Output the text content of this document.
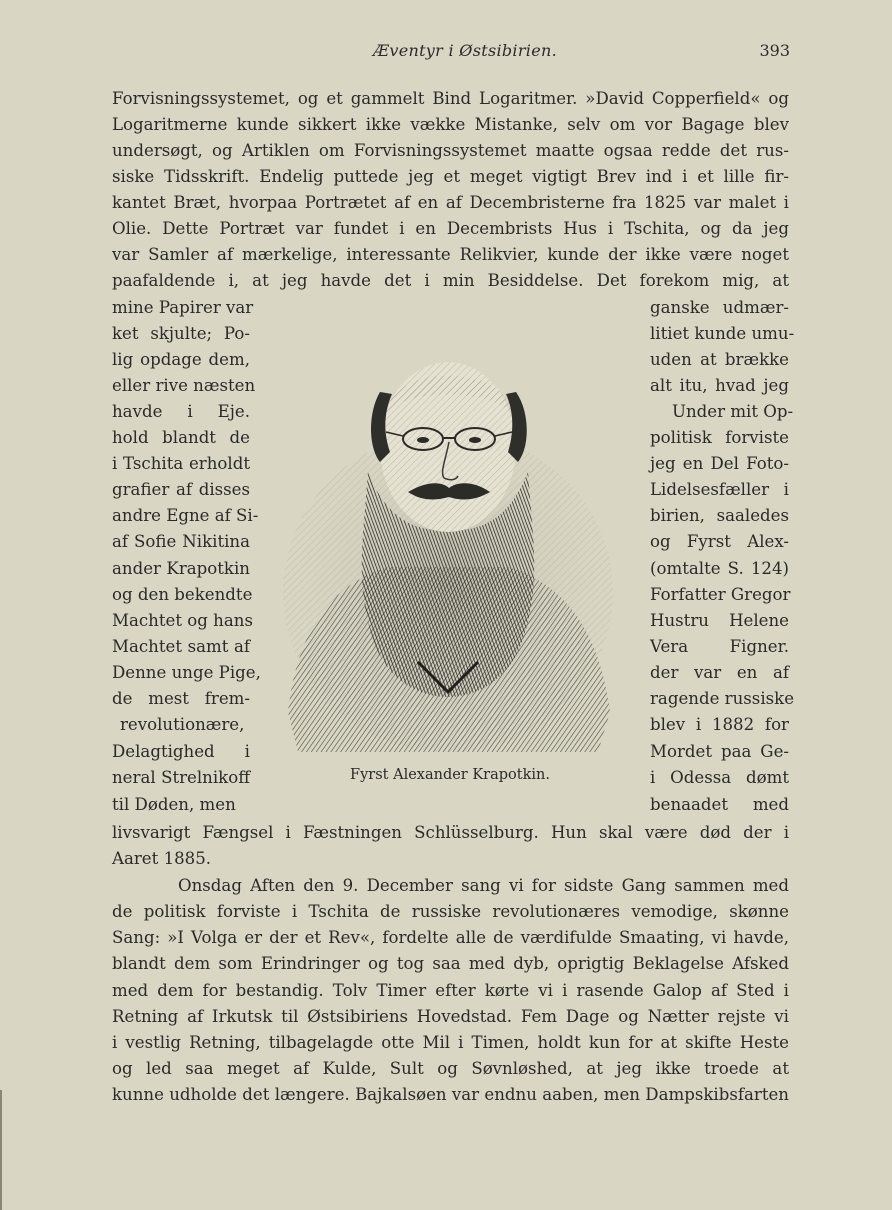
Æventyr i Østsibirien.	393
Forvisningssystemet, og et gammelt Bind Logaritmer. »David Copperfield« og
Logaritmerne kunde sikkert ikke vække Mistanke, selv om vor Bagage blev
undersøgt, og Artiklen om Forvisningssystemet maatte ogsaa redde det rus-
siske Tidsskrift. Endelig puttede jeg et meget vigtigt Brev ind i et lille fir-
kantet Bræt, hvorpaa Portrætet af en af Decembristerne fra 1825 var malet i
Olie. Dette Portræt var fundet i en Decembrists Hus i Tschita, og da jeg
var Samler af mærkelige, interessante Relikvier, kunde der ikke være noget
paafaldende i, at jeg havde det i min Besiddelse. Det forekom mig, at
mine Papirer var
ket skjulte; Po-
lig opdage dem,
eller rive næsten
havde i Eje.
hold blandt de
i Tschita erholdt
grafier af disses
andre Egne af Si-
af Sofie Nikitina
ander Krapotkin
og den bekendte
Machtet og hans
Machtet samt af
Denne unge Pige,
de mest frem-
revolutionære,
Delagtighed i
neral Strelnikoff
til Døden, men
ganske udmær-
litiet kunde umu-
uden at brække
alt itu, hvad jeg
Under mit Op-
politisk forviste
jeg en Del Foto-
Lidelsesfæller i
birien, saaledes
og Fyrst Alex-
(omtalte S. 124)
Forfatter Gregor
Hustru Helene
Vera Figner.
der var en af
ragende russiske
blev i 1882 for
Mordet paa Ge-
i Odessa dømt
benaadet med
Fyrst Alexander Krapotkin.
livsvarigt Fængsel i Fæstningen Schlüsselburg. Hun skal være død der i
Aaret 1885.
Onsdag Aften den 9. December sang vi for sidste Gang sammen med
de politisk forviste i Tschita de russiske revolutionæres vemodige, skønne
Sang: »I Volga er der et Rev«, fordelte alle de værdifulde Smaating, vi havde,
blandt dem som Erindringer og tog saa med dyb, oprigtig Beklagelse Afsked
med dem for bestandig. Tolv Timer efter kørte vi i rasende Galop af Sted i
Retning af Irkutsk til Østsibiriens Hovedstad. Fem Dage og Nætter rejste vi
i vestlig Retning, tilbagelagde otte Mil i Timen, holdt kun for at skifte Heste
og led saa meget af Kulde, Sult og Søvnløshed, at jeg ikke troede at
kunne udholde det længere. Bajkalsøen var endnu aaben, men Dampskibsfarten
